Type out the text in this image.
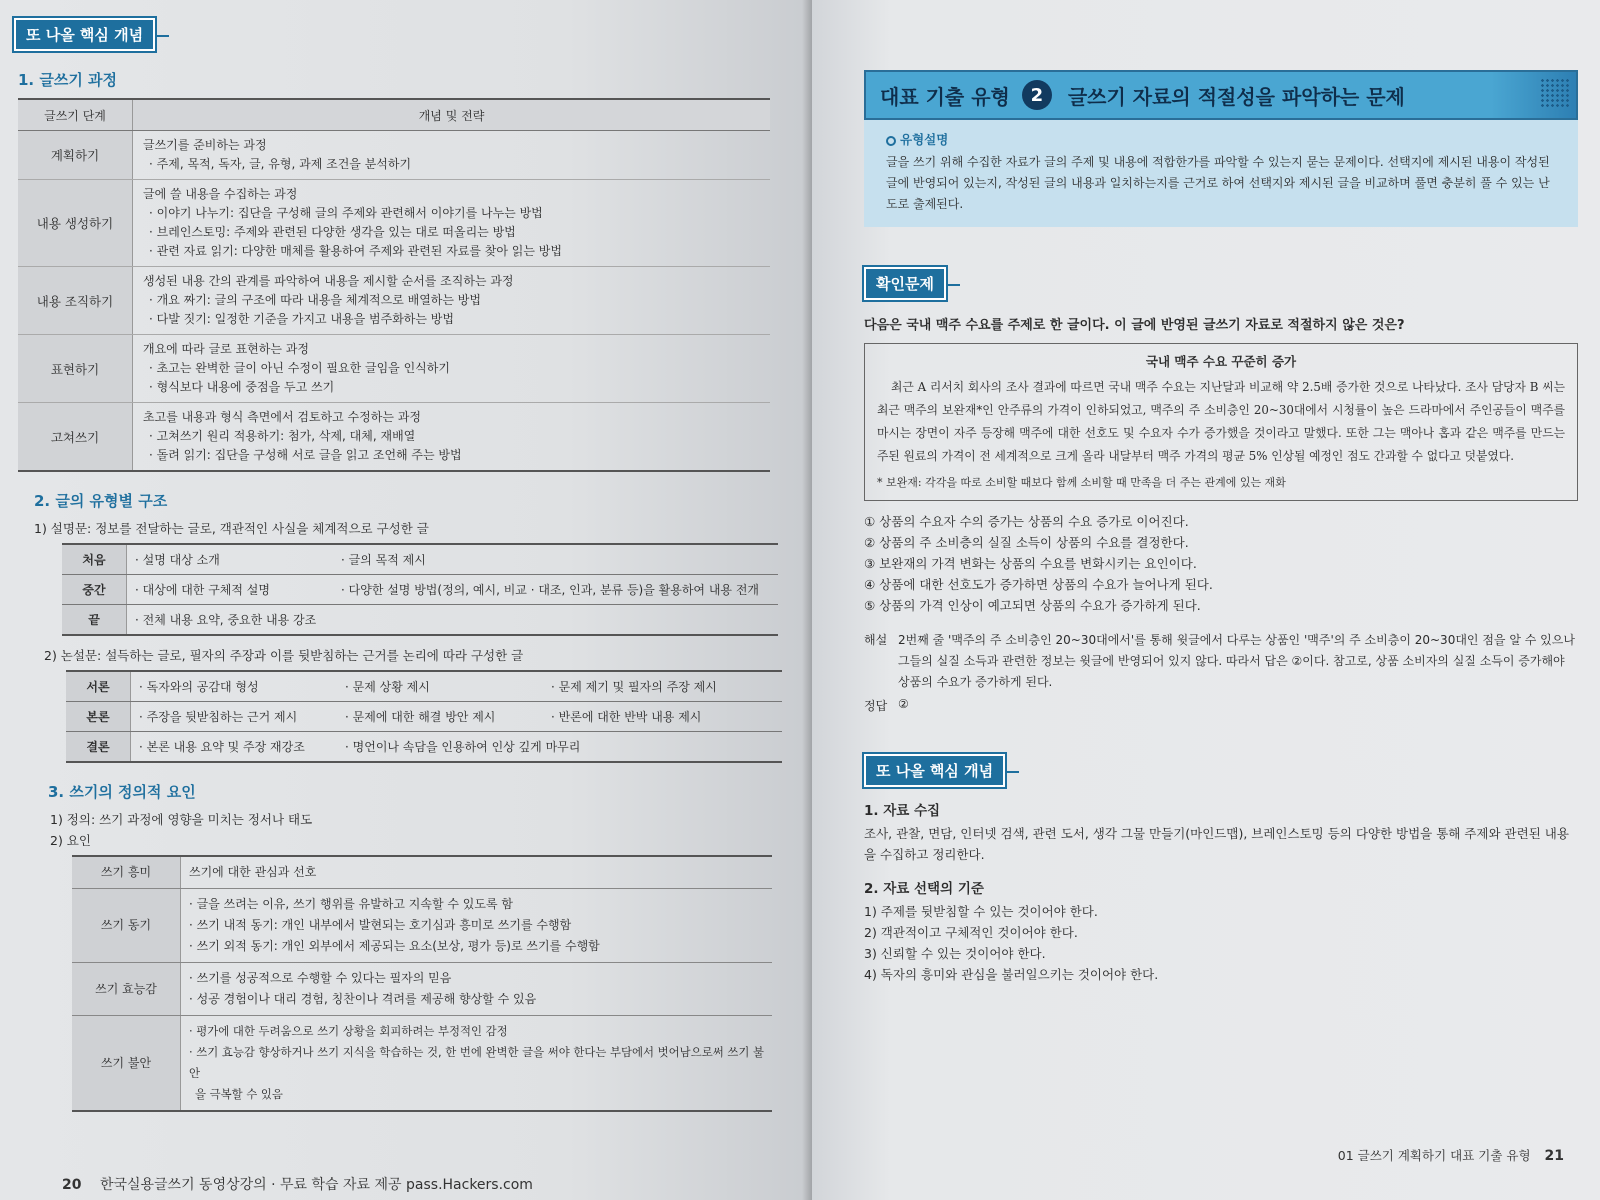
또 나올 핵심 개념
1. 글쓰기 과정
글쓰기 단계	개념 및 전략
계획하기	글쓰기를 준비하는 과정
· 주제, 목적, 독자, 글, 유형, 과제 조건을 분석하기

내용 생성하기	글에 쓸 내용을 수집하는 과정
· 이야기 나누기: 집단을 구성해 글의 주제와 관련해서 이야기를 나누는 방법
· 브레인스토밍: 주제와 관련된 다양한 생각을 있는 대로 떠올리는 방법
· 관련 자료 읽기: 다양한 매체를 활용하여 주제와 관련된 자료를 찾아 읽는 방법

내용 조직하기	생성된 내용 간의 관계를 파악하여 내용을 제시할 순서를 조직하는 과정
· 개요 짜기: 글의 구조에 따라 내용을 체계적으로 배열하는 방법
· 다발 짓기: 일정한 기준을 가지고 내용을 범주화하는 방법

표현하기	개요에 따라 글로 표현하는 과정
· 초고는 완벽한 글이 아닌 수정이 필요한 글임을 인식하기
· 형식보다 내용에 중점을 두고 쓰기

고쳐쓰기	초고를 내용과 형식 측면에서 검토하고 수정하는 과정
· 고쳐쓰기 원리 적용하기: 첨가, 삭제, 대체, 재배열
· 돌려 읽기: 집단을 구성해 서로 글을 읽고 조언해 주는 방법
2. 글의 유형별 구조
1) 설명문: 정보를 전달하는 글로, 객관적인 사실을 체계적으로 구성한 글
처음	· 설명 대상 소개	· 글의 목적 제시
중간	· 대상에 대한 구체적 설명	· 다양한 설명 방법(정의, 예시, 비교 · 대조, 인과, 분류 등)을 활용하여 내용 전개
끝	· 전체 내용 요약, 중요한 내용 강조	
2) 논설문: 설득하는 글로, 필자의 주장과 이를 뒷받침하는 근거를 논리에 따라 구성한 글
서론	· 독자와의 공감대 형성	· 문제 상황 제시	· 문제 제기 및 필자의 주장 제시
본론	· 주장을 뒷받침하는 근거 제시	· 문제에 대한 해결 방안 제시	· 반론에 대한 반박 내용 제시
결론	· 본론 내용 요약 및 주장 재강조	· 명언이나 속담을 인용하여 인상 깊게 마무리	
3. 쓰기의 정의적 요인
1) 정의: 쓰기 과정에 영향을 미치는 정서나 태도
2) 요인
쓰기 흥미	쓰기에 대한 관심과 선호

쓰기 동기	· 글을 쓰려는 이유, 쓰기 행위를 유발하고 지속할 수 있도록 함
· 쓰기 내적 동기: 개인 내부에서 발현되는 호기심과 흥미로 쓰기를 수행함
· 쓰기 외적 동기: 개인 외부에서 제공되는 요소(보상, 평가 등)로 쓰기를 수행함

쓰기 효능감	· 쓰기를 성공적으로 수행할 수 있다는 필자의 믿음
· 성공 경험이나 대리 경험, 칭찬이나 격려를 제공해 향상할 수 있음

쓰기 불안	· 평가에 대한 두려움으로 쓰기 상황을 회피하려는 부정적인 감정
· 쓰기 효능감 향상하거나 쓰기 지식을 학습하는 것, 한 번에 완벽한 글을 써야 한다는 부담에서 벗어남으로써 쓰기 불안
을 극복할 수 있음
20 한국실용글쓰기 동영상강의 · 무료 학습 자료 제공 pass.Hackers.com
대표 기출 유형	2	글쓰기 자료의 적절성을 파악하는 문제
유형설명
글을 쓰기 위해 수집한 자료가 글의 주제 및 내용에 적합한가를 파악할 수 있는지 묻는 문제이다. 선택지에 제시된 내용이 작성된 글에 반영되어 있는지, 작성된 글의 내용과 일치하는지를 근거로 하여 선택지와 제시된 글을 비교하며 풀면 충분히 풀 수 있는 난도로 출제된다.
확인문제
다음은 국내 맥주 수요를 주제로 한 글이다. 이 글에 반영된 글쓰기 자료로 적절하지 않은 것은?
국내 맥주 수요 꾸준히 증가
최근 A 리서치 회사의 조사 결과에 따르면 국내 맥주 수요는 지난달과 비교해 약 2.5배 증가한 것으로 나타났다. 조사 담당자 B 씨는 최근 맥주의 보완재*인 안주류의 가격이 인하되었고, 맥주의 주 소비층인 20~30대에서 시청률이 높은 드라마에서 주인공들이 맥주를 마시는 장면이 자주 등장해 맥주에 대한 선호도 및 수요자 수가 증가했을 것이라고 말했다. 또한 그는 맥아나 홉과 같은 맥주를 만드는 주된 원료의 가격이 전 세계적으로 크게 올라 내달부터 맥주 가격의 평균 5% 인상될 예정인 점도 간과할 수 없다고 덧붙였다.
* 보완재: 각각을 따로 소비할 때보다 함께 소비할 때 만족을 더 주는 관계에 있는 재화
① 상품의 수요자 수의 증가는 상품의 수요 증가로 이어진다.
② 상품의 주 소비층의 실질 소득이 상품의 수요를 결정한다.
③ 보완재의 가격 변화는 상품의 수요를 변화시키는 요인이다.
④ 상품에 대한 선호도가 증가하면 상품의 수요가 늘어나게 된다.
⑤ 상품의 가격 인상이 예고되면 상품의 수요가 증가하게 된다.
해설 2번째 줄 '맥주의 주 소비층인 20~30대에서'를 통해 윗글에서 다루는 상품인 '맥주'의 주 소비층이 20~30대인 점을 알 수 있으나 그들의 실질 소득과 관련한 정보는 윗글에 반영되어 있지 않다. 따라서 답은 ②이다. 참고로, 상품 소비자의 실질 소득이 증가해야 상품의 수요가 증가하게 된다.
정답 ②
또 나올 핵심 개념
1. 자료 수집
조사, 관찰, 면담, 인터넷 검색, 관련 도서, 생각 그물 만들기(마인드맵), 브레인스토밍 등의 다양한 방법을 통해 주제와 관련된 내용을 수집하고 정리한다.
2. 자료 선택의 기준
1) 주제를 뒷받침할 수 있는 것이어야 한다.
2) 객관적이고 구체적인 것이어야 한다.
3) 신뢰할 수 있는 것이어야 한다.
4) 독자의 흥미와 관심을 불러일으키는 것이어야 한다.
01 글쓰기 계획하기 대표 기출 유형 21
